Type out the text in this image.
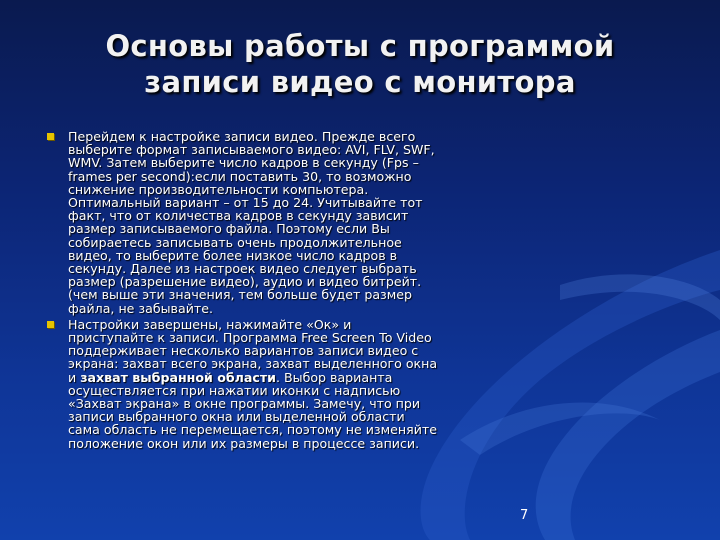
Основы работы с программой
записи видео с монитора
Перейдем к настройке записи видео. Прежде всего выберите формат записываемого видео: AVI, FLV, SWF, WMV. Затем выберите число кадров в секунду (Fps – frames per second):если поставить 30, то возможно снижение производительности компьютера. Оптимальный вариант – от 15 до 24. Учитывайте тот факт, что от количества кадров в секунду зависит размер записываемого файла. Поэтому если Вы собираетесь записывать очень продолжительное видео, то выберите более низкое число кадров в секунду. Далее из настроек видео следует выбрать размер (разрешение видео), аудио и видео битрейт. (чем выше эти значения, тем больше будет размер файла, не забывайте.
Настройки завершены, нажимайте «Ок» и приступайте к записи. Программа Free Screen To Video поддерживает несколько вариантов записи видео с экрана: захват всего экрана, захват выделенного окна и захват выбранной области. Выбор варианта осуществляется при нажатии иконки с надписью «Захват экрана» в окне программы. Замечу, что при записи выбранного окна или выделенной области сама область не перемещается, поэтому не изменяйте положение окон или их размеры в процессе записи.
7
